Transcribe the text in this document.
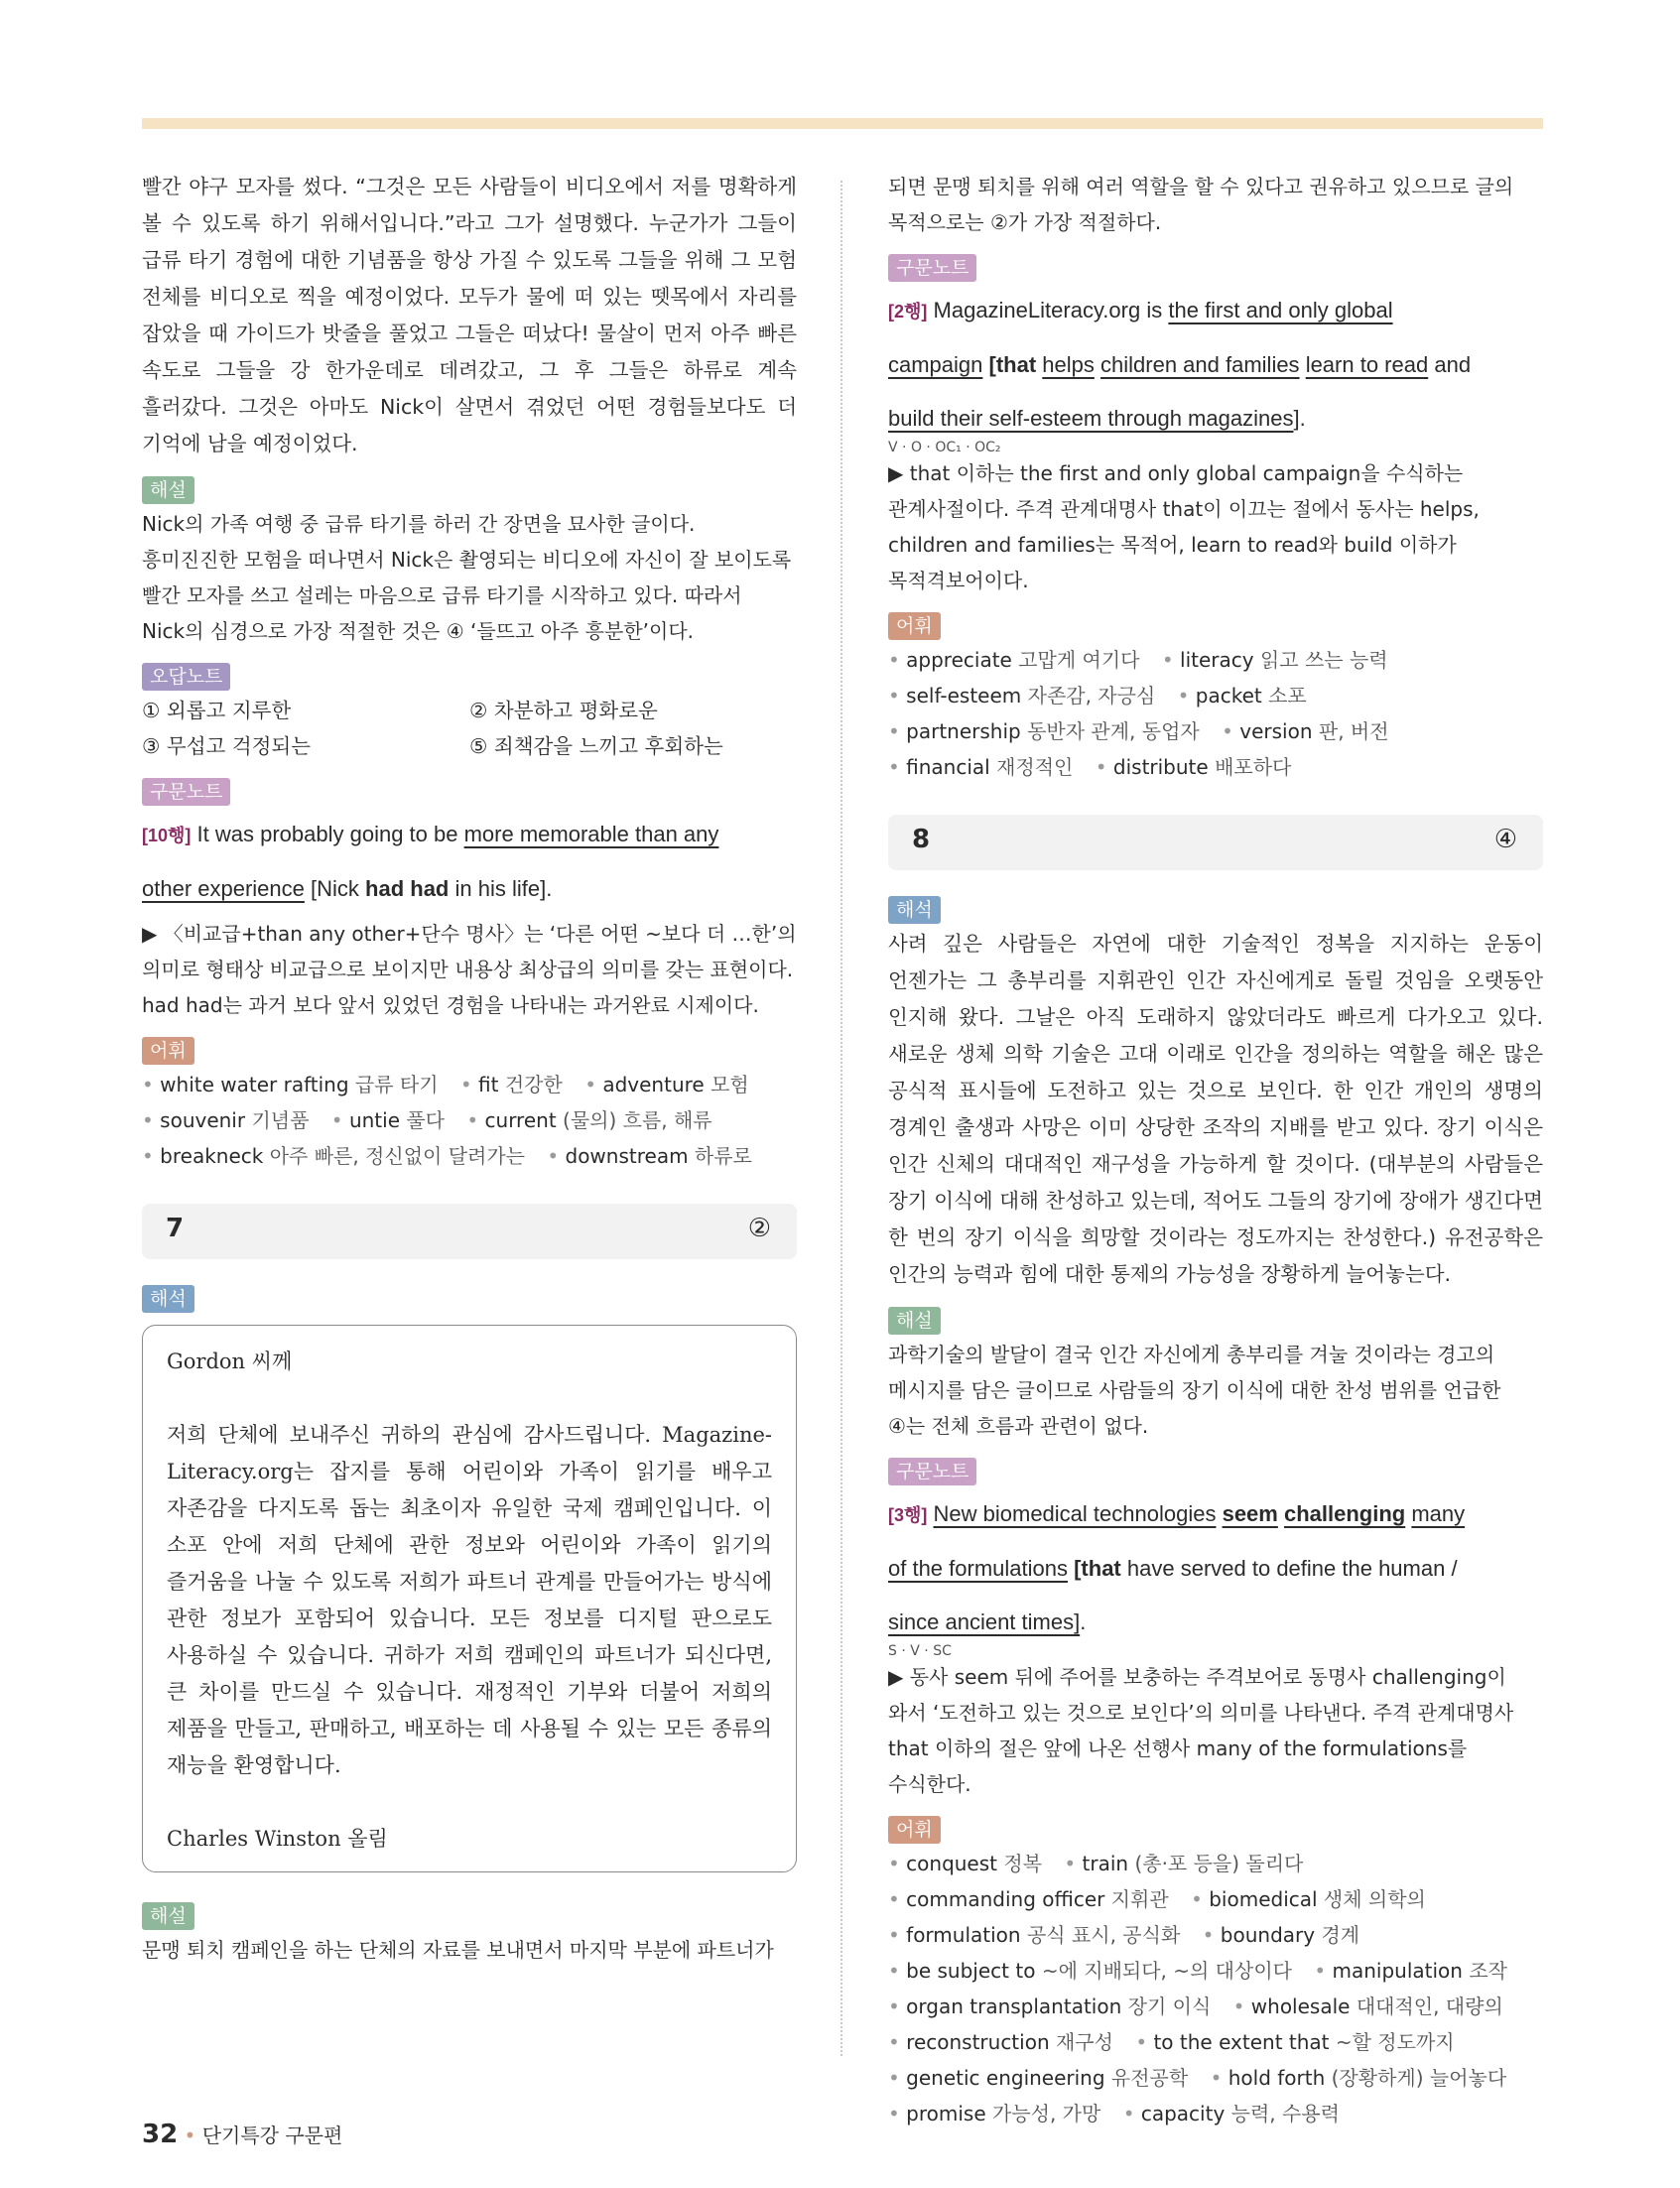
빨간 야구 모자를 썼다. “그것은 모든 사람들이 비디오에서 저를 명확하게 볼 수 있도록 하기 위해서입니다.”라고 그가 설명했다. 누군가가 그들이 급류 타기 경험에 대한 기념품을 항상 가질 수 있도록 그들을 위해 그 모험 전체를 비디오로 찍을 예정이었다. 모두가 물에 떠 있는 뗏목에서 자리를 잡았을 때 가이드가 밧줄을 풀었고 그들은 떠났다! 물살이 먼저 아주 빠른 속도로 그들을 강 한가운데로 데려갔고, 그 후 그들은 하류로 계속 흘러갔다. 그것은 아마도 Nick이 살면서 겪었던 어떤 경험들보다도 더 기억에 남을 예정이었다.

해설

Nick의 가족 여행 중 급류 타기를 하러 간 장면을 묘사한 글이다. 흥미진진한 모험을 떠나면서 Nick은 촬영되는 비디오에 자신이 잘 보이도록 빨간 모자를 쓰고 설레는 마음으로 급류 타기를 시작하고 있다. 따라서 Nick의 심경으로 가장 적절한 것은 ④ ‘들뜨고 아주 흥분한’이다.

오답노트
① 외롭고 지루한	② 차분하고 평화로운
③ 무섭고 걱정되는	⑤ 죄책감을 느끼고 후회하는
구문노트

[10행] It was probably going to be more memorable than any
other experience [Nick had had in his life].

▶ 〈비교급+than any other+단수 명사〉는 ‘다른 어떤 ~보다 더 …한’의 의미로 형태상 비교급으로 보이지만 내용상 최상급의 의미를 갖는 표현이다. had had는 과거 보다 앞서 있었던 경험을 나타내는 과거완료 시제이다.

어휘
• white water rafting 급류 타기 • fit 건강한 • adventure 모험 • souvenir 기념품 • untie 풀다 • current (물의) 흐름, 해류 • breakneck 아주 빠른, 정신없이 달려가는 • downstream 하류로
7	②
해석

Gordon 씨께

저희 단체에 보내주신 귀하의 관심에 감사드립니다. Magazine-Literacy.org는 잡지를 통해 어린이와 가족이 읽기를 배우고 자존감을 다지도록 돕는 최초이자 유일한 국제 캠페인입니다. 이 소포 안에 저희 단체에 관한 정보와 어린이와 가족이 읽기의 즐거움을 나눌 수 있도록 저희가 파트너 관계를 만들어가는 방식에 관한 정보가 포함되어 있습니다. 모든 정보를 디지털 판으로도 사용하실 수 있습니다. 귀하가 저희 캠페인의 파트너가 되신다면, 큰 차이를 만드실 수 있습니다. 재정적인 기부와 더불어 저희의 제품을 만들고, 판매하고, 배포하는 데 사용될 수 있는 모든 종류의 재능을 환영합니다.

Charles Winston 올림

해설

문맹 퇴치 캠페인을 하는 단체의 자료를 보내면서 마지막 부분에 파트너가

되면 문맹 퇴치를 위해 여러 역할을 할 수 있다고 권유하고 있으므로 글의 목적으로는 ②가 가장 적절하다.

구문노트

[2행] MagazineLiteracy.org is the first and only global
campaign [that helps children and families learn to read and
build their self-esteem through magazines].

V · O · OC₁ · OC₂

▶ that 이하는 the first and only global campaign을 수식하는 관계사절이다. 주격 관계대명사 that이 이끄는 절에서 동사는 helps, children and families는 목적어, learn to read와 build 이하가 목적격보어이다.

어휘
• appreciate 고맙게 여기다 • literacy 읽고 쓰는 능력 • self-esteem 자존감, 자긍심 • packet 소포 • partnership 동반자 관계, 동업자 • version 판, 버전 • financial 재정적인 • distribute 배포하다
8	④
해석

사려 깊은 사람들은 자연에 대한 기술적인 정복을 지지하는 운동이 언젠가는 그 총부리를 지휘관인 인간 자신에게로 돌릴 것임을 오랫동안 인지해 왔다. 그날은 아직 도래하지 않았더라도 빠르게 다가오고 있다. 새로운 생체 의학 기술은 고대 이래로 인간을 정의하는 역할을 해온 많은 공식적 표시들에 도전하고 있는 것으로 보인다. 한 인간 개인의 생명의 경계인 출생과 사망은 이미 상당한 조작의 지배를 받고 있다. 장기 이식은 인간 신체의 대대적인 재구성을 가능하게 할 것이다. (대부분의 사람들은 장기 이식에 대해 찬성하고 있는데, 적어도 그들의 장기에 장애가 생긴다면 한 번의 장기 이식을 희망할 것이라는 정도까지는 찬성한다.) 유전공학은 인간의 능력과 힘에 대한 통제의 가능성을 장황하게 늘어놓는다.

해설

과학기술의 발달이 결국 인간 자신에게 총부리를 겨눌 것이라는 경고의 메시지를 담은 글이므로 사람들의 장기 이식에 대한 찬성 범위를 언급한 ④는 전체 흐름과 관련이 없다.

구문노트

[3행] New biomedical technologies seem challenging many
of the formulations [that have served to define the human /
since ancient times].

S · V · SC

▶ 동사 seem 뒤에 주어를 보충하는 주격보어로 동명사 challenging이 와서 ‘도전하고 있는 것으로 보인다’의 의미를 나타낸다. 주격 관계대명사 that 이하의 절은 앞에 나온 선행사 many of the formulations를 수식한다.

어휘
• conquest 정복 • train (총·포 등을) 돌리다 • commanding officer 지휘관 • biomedical 생체 의학의 • formulation 공식 표시, 공식화 • boundary 경계 • be subject to ~에 지배되다, ~의 대상이다 • manipulation 조작 • organ transplantation 장기 이식 • wholesale 대대적인, 대량의 • reconstruction 재구성 • to the extent that ~할 정도까지 • genetic engineering 유전공학 • hold forth (장황하게) 늘어놓다 • promise 가능성, 가망 • capacity 능력, 수용력
32 • 단기특강 구문편
